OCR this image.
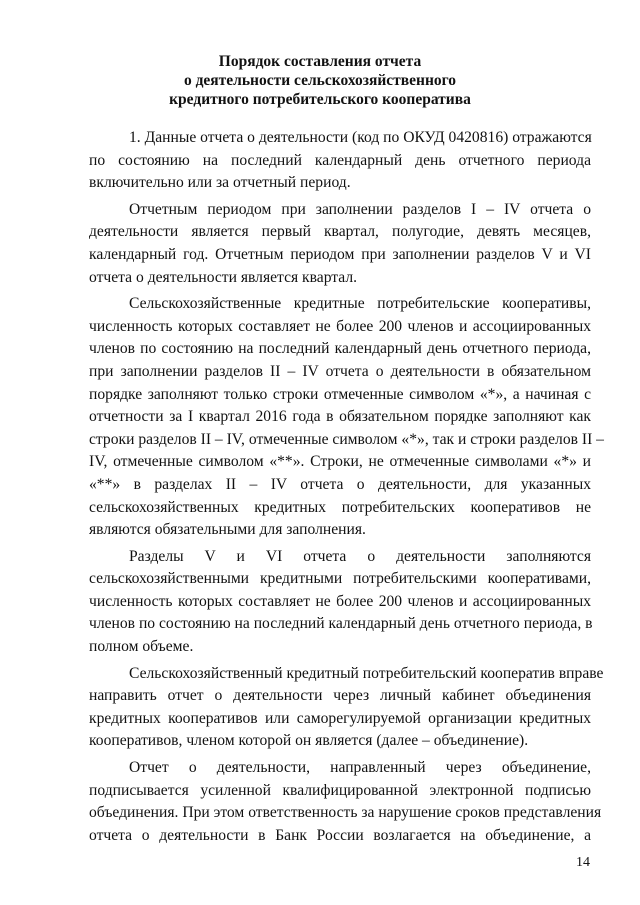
Порядок составления отчета
о деятельности сельскохозяйственного
кредитного потребительского кооператива

1. Данные отчета о деятельности (код по ОКУД 0420816) отражаются
по состоянию на последний календарный день отчетного периода
включительно или за отчетный период.

Отчетным периодом при заполнении разделов I – IV отчета о
деятельности является первый квартал, полугодие, девять месяцев,
календарный год. Отчетным периодом при заполнении разделов V и VI
отчета о деятельности является квартал.

Сельскохозяйственные кредитные потребительские кооперативы,
численность которых составляет не более 200 членов и ассоциированных
членов по состоянию на последний календарный день отчетного периода,
при заполнении разделов II – IV отчета о деятельности в обязательном
порядке заполняют только строки отмеченные символом «*», а начиная с
отчетности за I квартал 2016 года в обязательном порядке заполняют как
строки разделов II – IV, отмеченные символом «*», так и строки разделов II –
IV, отмеченные символом «**». Строки, не отмеченные символами «*» и
«**» в разделах II – IV отчета о деятельности, для указанных
сельскохозяйственных кредитных потребительских кооперативов не
являются обязательными для заполнения.

Разделы V и VI отчета о деятельности заполняются
сельскохозяйственными кредитными потребительскими кооперативами,
численность которых составляет не более 200 членов и ассоциированных
членов по состоянию на последний календарный день отчетного периода, в
полном объеме.

Сельскохозяйственный кредитный потребительский кооператив вправе
направить отчет о деятельности через личный кабинет объединения
кредитных кооперативов или саморегулируемой организации кредитных
кооперативов, членом которой он является (далее – объединение).

Отчет о деятельности, направленный через объединение,
подписывается усиленной квалифицированной электронной подписью
объединения. При этом ответственность за нарушение сроков представления
отчета о деятельности в Банк России возлагается на объединение, а

14
